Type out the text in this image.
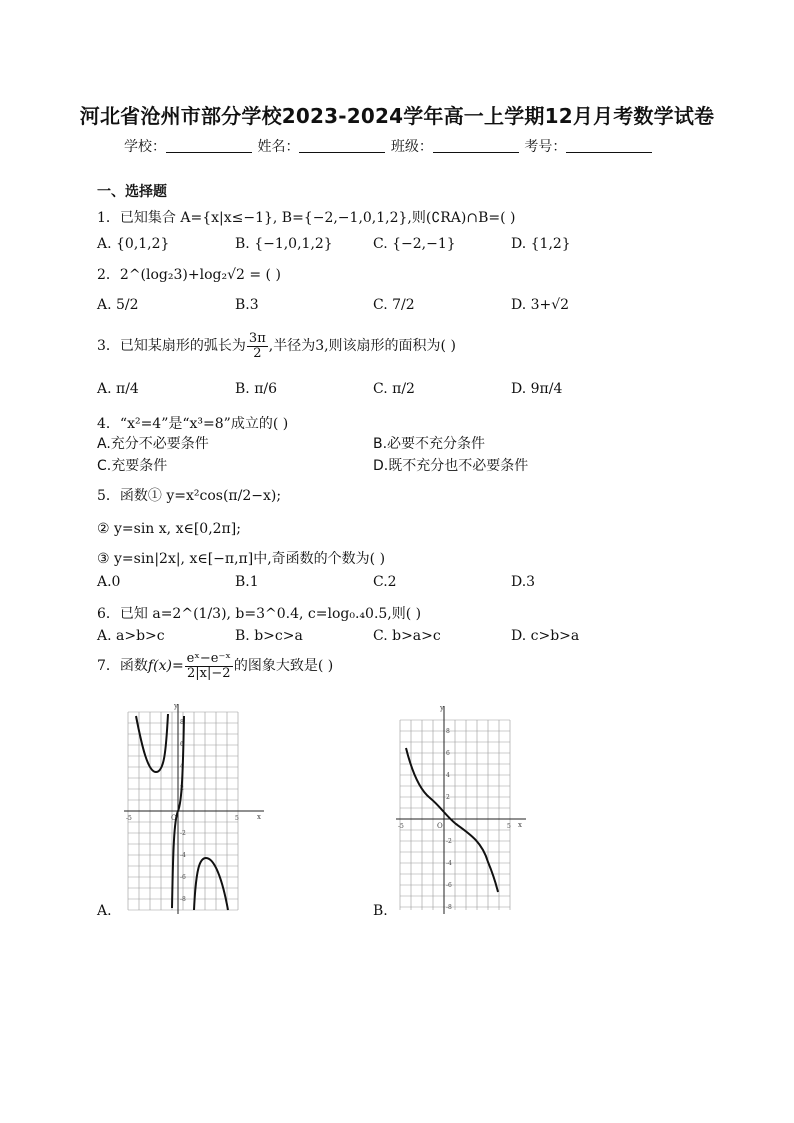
河北省沧州市部分学校2023-2024学年高一上学期12月月考数学试卷
学校：	姓名：	班级：	考号：
一、选择题
1．已知集合 A={x|x≤−1}, B={−2,−1,0,1,2},则(∁RA)∩B=( )
A. {0,1,2}	B. {−1,0,1,2}	C. {−2,−1}	D. {1,2}
2．2^(log₂3)+log₂√2 = ( )
A. 5/2	B.3	C. 7/2	D. 3+√2
3．已知某扇形的弧长为 $\frac{3\pi}{2}$ ,半径为3,则该扇形的面积为( )
A. π/4	B. π/6	C. π/2	D. 9π/4
4．“x²=4”是“x³=8”成立的( )
A.充分不必要条件	B.必要不充分条件
C.充要条件	D.既不充分也不必要条件
5．函数① y=x²cos(π/2−x);
② y=sin x, x∈[0,2π];
③ y=sin|2x|, x∈[−π,π]中,奇函数的个数为( )
A.0	B.1	C.2	D.3
6．已知 a=2^(1/3), b=3^0.4, c=log₀.₄0.5,则( )
A. a>b>c	B. b>c>a	C. b>a>c	D. c>b>a
7．函数$f(x)= \frac{\text{eˣ−e⁻ˣ}}{2|x|-2}$ 的图象大致是( )
y
x
O
-5	5
8
6
4
2
-2
-4
-6
-8
A.
y
x
O
-5	5
8
6
4
2
-2
-4
-6
-8
B.
